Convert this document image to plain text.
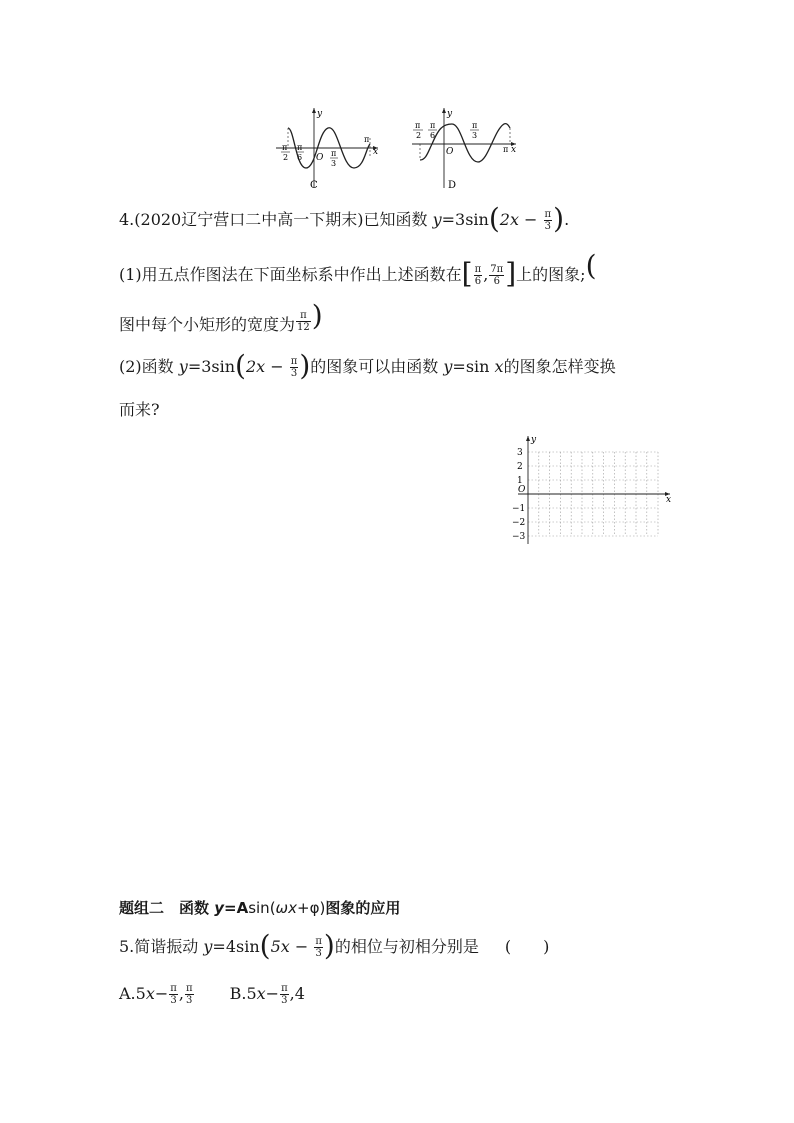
y
x
O
π
2
π
6	π
3
π
C
y
x
O
π
2
π
6
π
3
π
D
4.(2020辽宁营口二中高一下期末)已知函数 $y=3\sin(2x - \frac{\pi}{3}$ ).
(1)用五点作图法在下面坐标系中作出上述函数在[ $\frac{\pi}{6}$ , $\frac{7\pi}{6}$ ]上的图象;(
图中每个小矩形的宽度为 $\frac{\pi}{12}$ )
(2)函数 $y=3\sin(2x - \frac{\pi}{3}$ )的图象可以由函数 y=sin x的图象怎样变换
而来?
y
x
O
3
2
1
−1
−2
−3
题组二　函数 y=Asin(ωx+φ)图象的应用
5.简谐振动 $y=4\sin(5x - \frac{\pi}{3}$ )的相位与初相分别是 (　　)
$A.5x- \frac{\pi}{3}$ , $\frac{\pi}{3} B.5x- \frac{\pi}{3} ,4$
